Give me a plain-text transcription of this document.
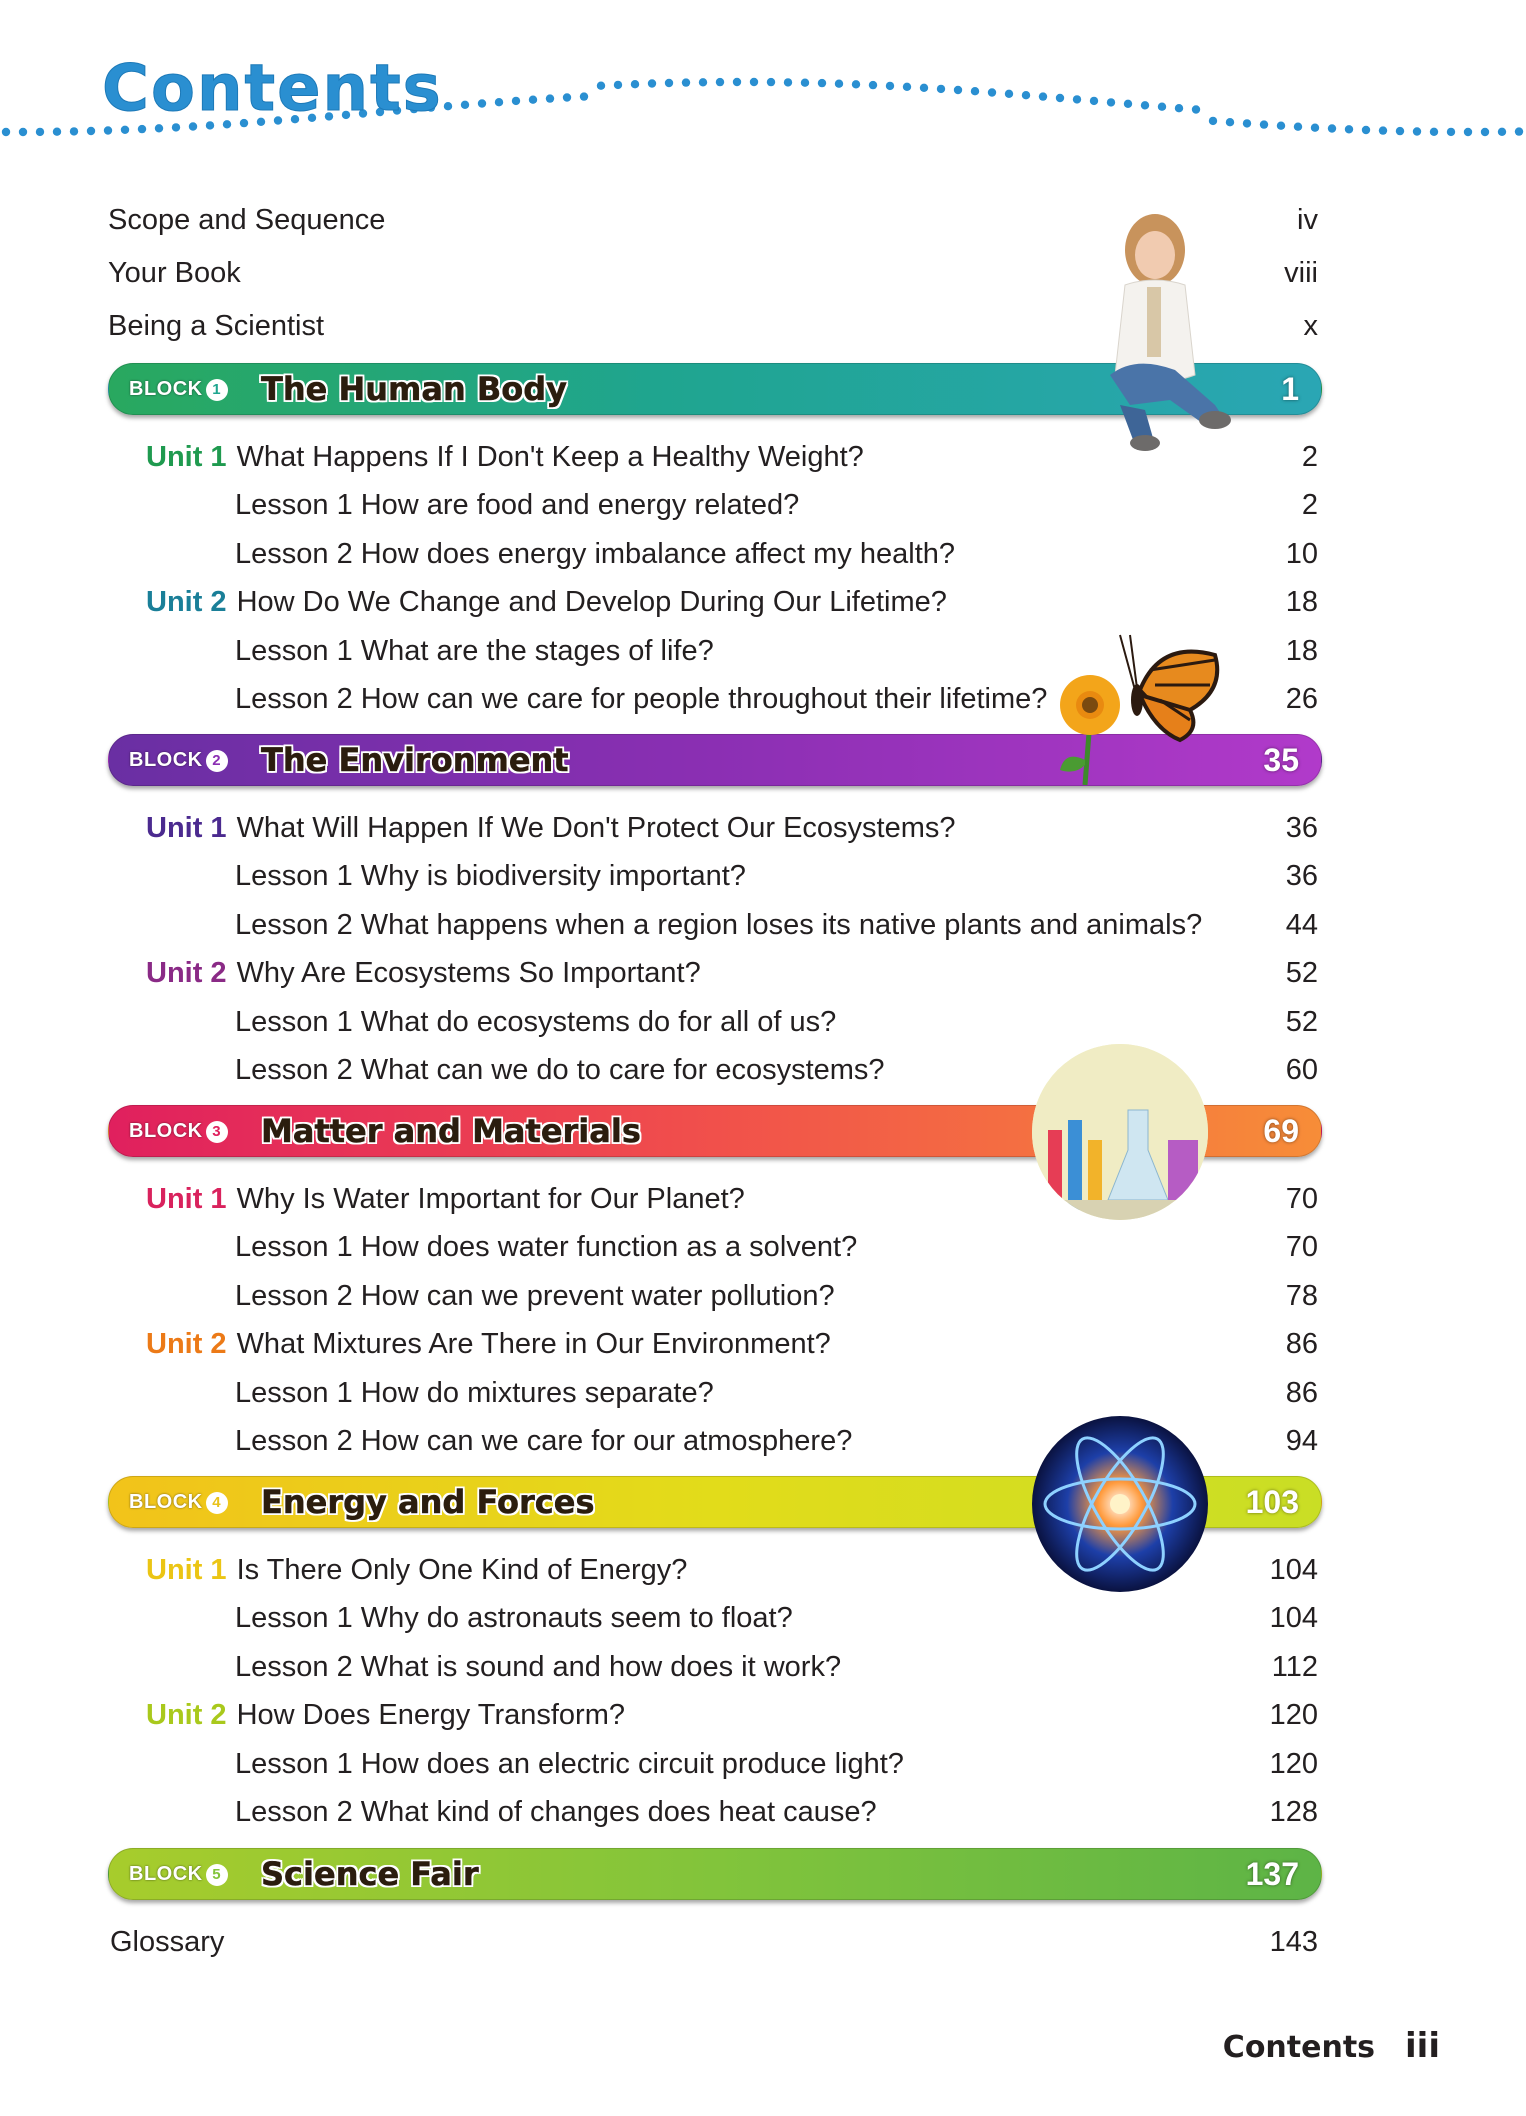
Contents
Scope and Sequence	iv
Your Book	viii
Being a Scientist	x
BLOCK 1 The Human Body	1
Unit 1 What Happens If I Don't Keep a Healthy Weight?	2
Lesson 1 How are food and energy related?	2
Lesson 2 How does energy imbalance affect my health?	10
Unit 2 How Do We Change and Develop During Our Lifetime?	18
Lesson 1 What are the stages of life?	18
Lesson 2 How can we care for people throughout their lifetime?	26
BLOCK 2 The Environment	35
Unit 1 What Will Happen If We Don't Protect Our Ecosystems?	36
Lesson 1 Why is biodiversity important?	36
Lesson 2 What happens when a region loses its native plants and animals?	44
Unit 2 Why Are Ecosystems So Important?	52
Lesson 1 What do ecosystems do for all of us?	52
Lesson 2 What can we do to care for ecosystems?	60
BLOCK 3 Matter and Materials	69
Unit 1 Why Is Water Important for Our Planet?	70
Lesson 1 How does water function as a solvent?	70
Lesson 2 How can we prevent water pollution?	78
Unit 2 What Mixtures Are There in Our Environment?	86
Lesson 1 How do mixtures separate?	86
Lesson 2 How can we care for our atmosphere?	94
BLOCK 4 Energy and Forces	103
Unit 1 Is There Only One Kind of Energy?	104
Lesson 1 Why do astronauts seem to float?	104
Lesson 2 What is sound and how does it work?	112
Unit 2 How Does Energy Transform?	120
Lesson 1 How does an electric circuit produce light?	120
Lesson 2 What kind of changes does heat cause?	128
BLOCK 5 Science Fair	137
Glossary	143
Contents iii
